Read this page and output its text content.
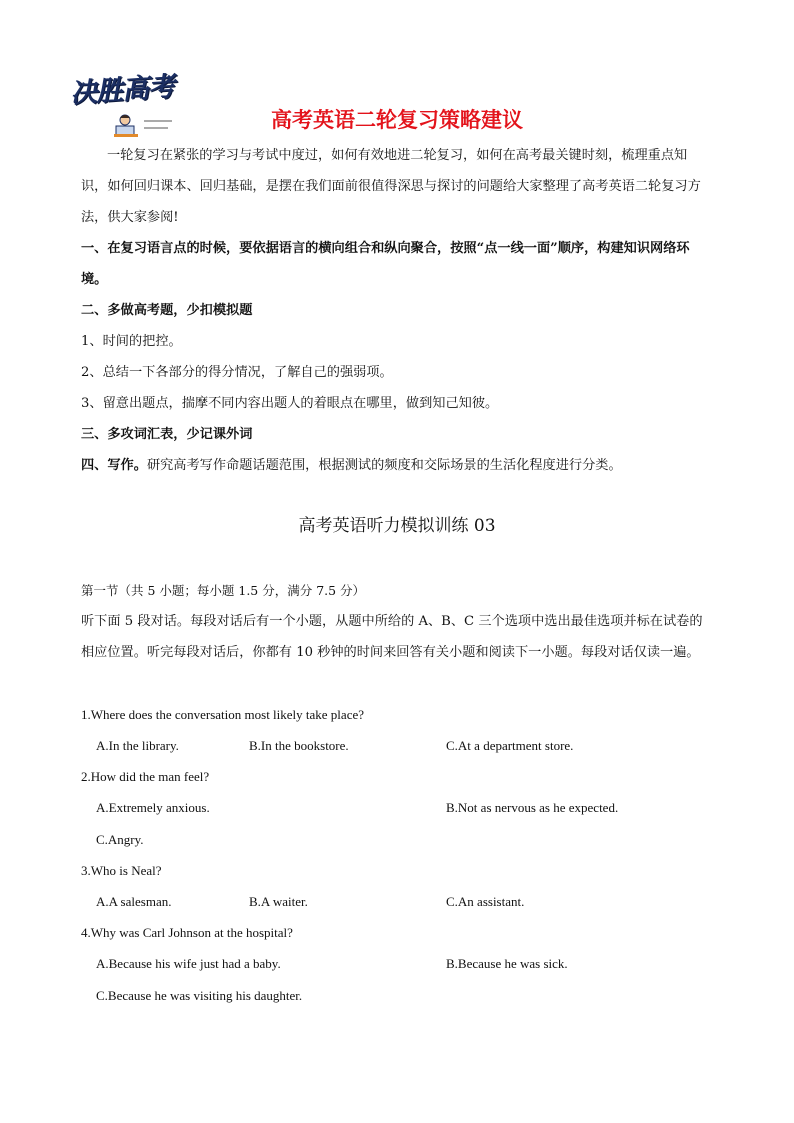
决胜高考
高考英语二轮复习策略建议

一轮复习在紧张的学习与考试中度过，如何有效地进二轮复习，如何在高考最关键时刻，梳理重点知识，如何回归课本、回归基础，是摆在我们面前很值得深思与探讨的问题给大家整理了高考英语二轮复习方法，供大家参阅!

一、在复习语言点的时候，要依据语言的横向组合和纵向聚合，按照“点一线一面”顺序，构建知识网络环境。

二、多做高考题，少扣模拟题

1、时间的把控。

2、总结一下各部分的得分情况，了解自己的强弱项。

3、留意出题点，揣摩不同内容出题人的着眼点在哪里，做到知己知彼。

三、多攻词汇表，少记课外词

四、写作。研究高考写作命题话题范围，根据测试的频度和交际场景的生活化程度进行分类。

高考英语听力模拟训练 03

第一节（共 5 小题；每小题 1.5 分，满分 7.5 分）

听下面 5 段对话。每段对话后有一个小题，从题中所给的 A、B、C 三个选项中选出最佳选项并标在试卷的相应位置。听完每段对话后，你都有 10 秒钟的时间来回答有关小题和阅读下一小题。每段对话仅读一遍。

1.Where does the conversation most likely take place?
A.In the library.	B.In the bookstore.	C.At a department store.
2.How did the man feel?
A.Extremely anxious.	B.Not as nervous as he expected.
C.Angry.
3.Who is Neal?
A.A salesman.	B.A waiter.	C.An assistant.
4.Why was Carl Johnson at the hospital?
A.Because his wife just had a baby.	B.Because he was sick.
C.Because he was visiting his daughter.
